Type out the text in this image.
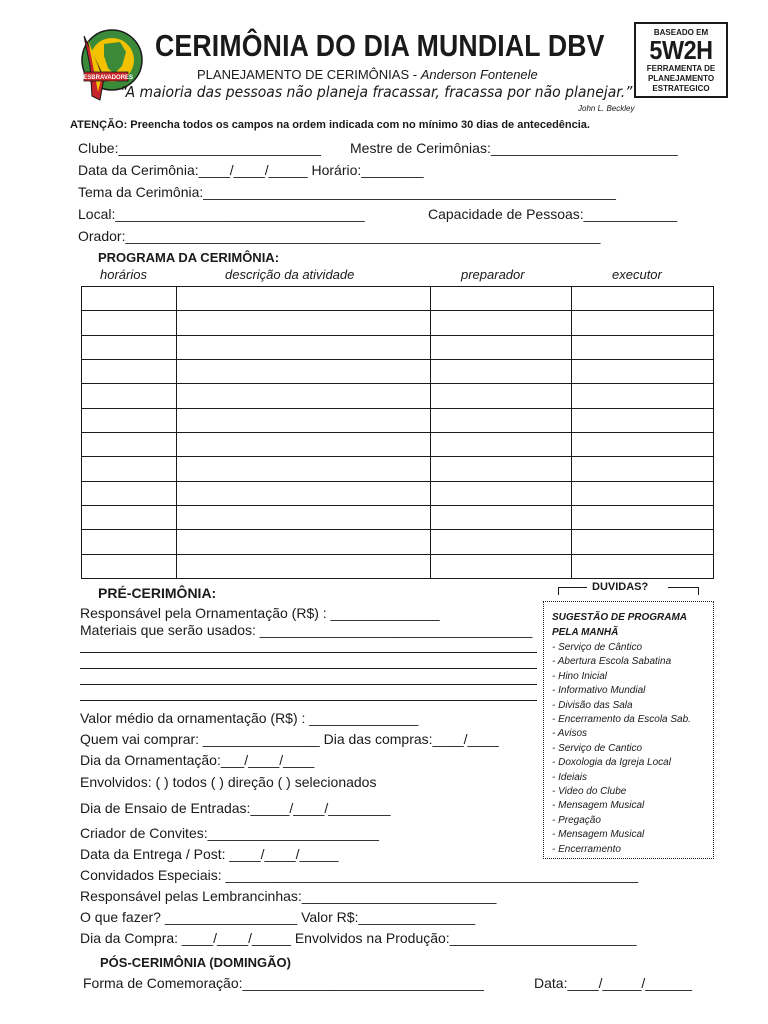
DESBRAVADORES
CERIMÔNIA DO DIA MUNDIAL DBV
PLANEJAMENTO DE CERIMÔNIAS - Anderson Fontenele
“A maioria das pessoas não planeja fracassar, fracassa por não planejar.”
John L. Beckley
BASEADO EM
5W2H
FERRAMENTA DE
PLANEJAMENTO
ESTRATEGICO
ATENÇÃO: Preencha todos os campos na ordem indicada com no mínimo 30 dias de antecedência.
Clube:__________________________ Mestre de Cerimônias:________________________
Data da Cerimônia:____/____/_____ Horário:________
Tema da Cerimônia:_____________________________________________________
Local:________________________________	Capacidade de Pessoas:____________
Orador:_____________________________________________________________
PROGRAMA DA CERIMÔNIA:
horários	descrição da atividade	preparador	executor

PRÉ-CERIMÔNIA:
Responsável pela Ornamentação (R$) : ______________
Materiais que serão usados: ___________________________________
Valor médio da ornamentação (R$) : ______________
Quem vai comprar: _______________ Dia das compras:____/____
Dia da Ornamentação:___/____/____
Envolvidos: ( ) todos ( ) direção ( ) selecionados
Dia de Ensaio de Entradas:_____/____/________
Criador de Convites:______________________
Data da Entrega / Post: ____/____/_____
Convidados Especiais: _____________________________________________________
Responsável pelas Lembrancinhas:_________________________
O que fazer? _________________ Valor R$:_______________
Dia da Compra: ____/____/_____ Envolvidos na Produção:________________________
DUVIDAS?
SUGESTÃO DE PROGRAMA
PELA MANHÃ
- Serviço de Cântico
- Abertura Escola Sabatina
- Hino Inicial
- Informativo Mundial
- Divisão das Sala
- Encerramento da Escola Sab.
- Avisos
- Serviço de Cantico
- Doxologia da Igreja Local
- Ideiais
- Video do Clube
- Mensagem Musical
- Pregação
- Mensagem Musical
- Encerramento
PÓS-CERIMÔNIA (DOMINGÃO)
Forma de Comemoração:_______________________________	Data:____/_____/______
